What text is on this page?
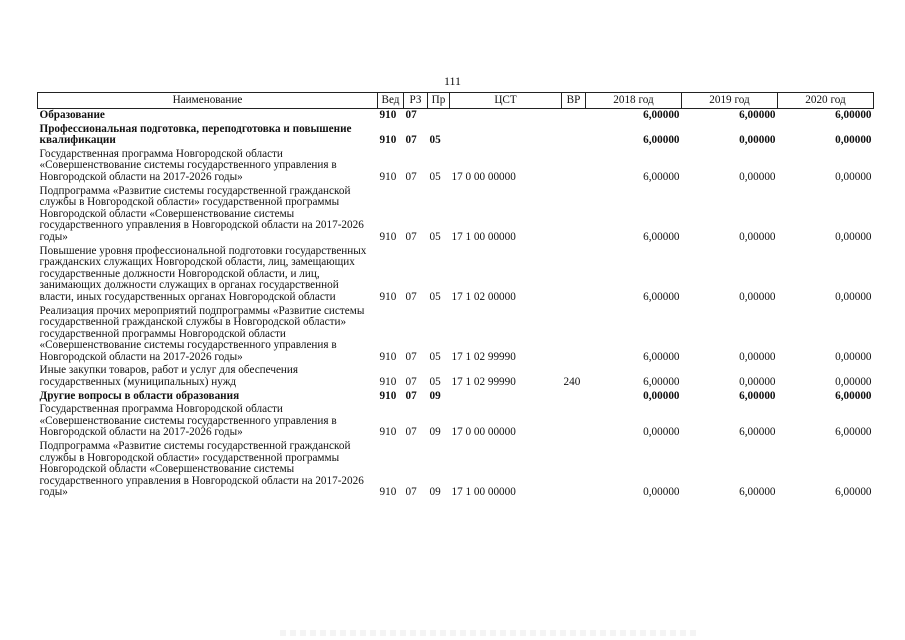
111
Наименование	Вед	РЗ	Пр	ЦСТ	ВР	2018 год	2019 год	2020 год
Образование	910	07				6,00000	6,00000	6,00000
Профессиональная подготовка, переподготовка и повышение квалификации	910	07	05			6,00000	0,00000	0,00000
Государственная программа Новгородской области «Совершенствование системы государственного управления в Новгородской области на 2017-2026 годы»	910	07	05	17 0 00 00000		6,00000	0,00000	0,00000
Подпрограмма «Развитие системы государственной гражданской службы в Новгородской области» государственной программы Новгородской области «Совершенствование системы государственного управления в Новгородской области на 2017-2026 годы»	910	07	05	17 1 00 00000		6,00000	0,00000	0,00000
Повышение уровня профессиональной подготовки государственных гражданских служащих Новгородской области, лиц, замещающих государственные должности Новгородской области, и лиц, занимающих должности служащих в органах государственной власти, иных государственных органах Новгородской области	910	07	05	17 1 02 00000		6,00000	0,00000	0,00000
Реализация прочих мероприятий подпрограммы «Развитие системы государственной гражданской службы в Новгородской области» государственной программы Новгородской области «Совершенствование системы государственного управления в Новгородской области на 2017-2026 годы»	910	07	05	17 1 02 99990		6,00000	0,00000	0,00000
Иные закупки товаров, работ и услуг для обеспечения государственных (муниципальных) нужд	910	07	05	17 1 02 99990	240	6,00000	0,00000	0,00000
Другие вопросы в области образования	910	07	09			0,00000	6,00000	6,00000
Государственная программа Новгородской области «Совершенствование системы государственного управления в Новгородской области на 2017-2026 годы»	910	07	09	17 0 00 00000		0,00000	6,00000	6,00000
Подпрограмма «Развитие системы государственной гражданской службы в Новгородской области» государственной программы Новгородской области «Совершенствование системы государственного управления в Новгородской области на 2017-2026 годы»	910	07	09	17 1 00 00000		0,00000	6,00000	6,00000
